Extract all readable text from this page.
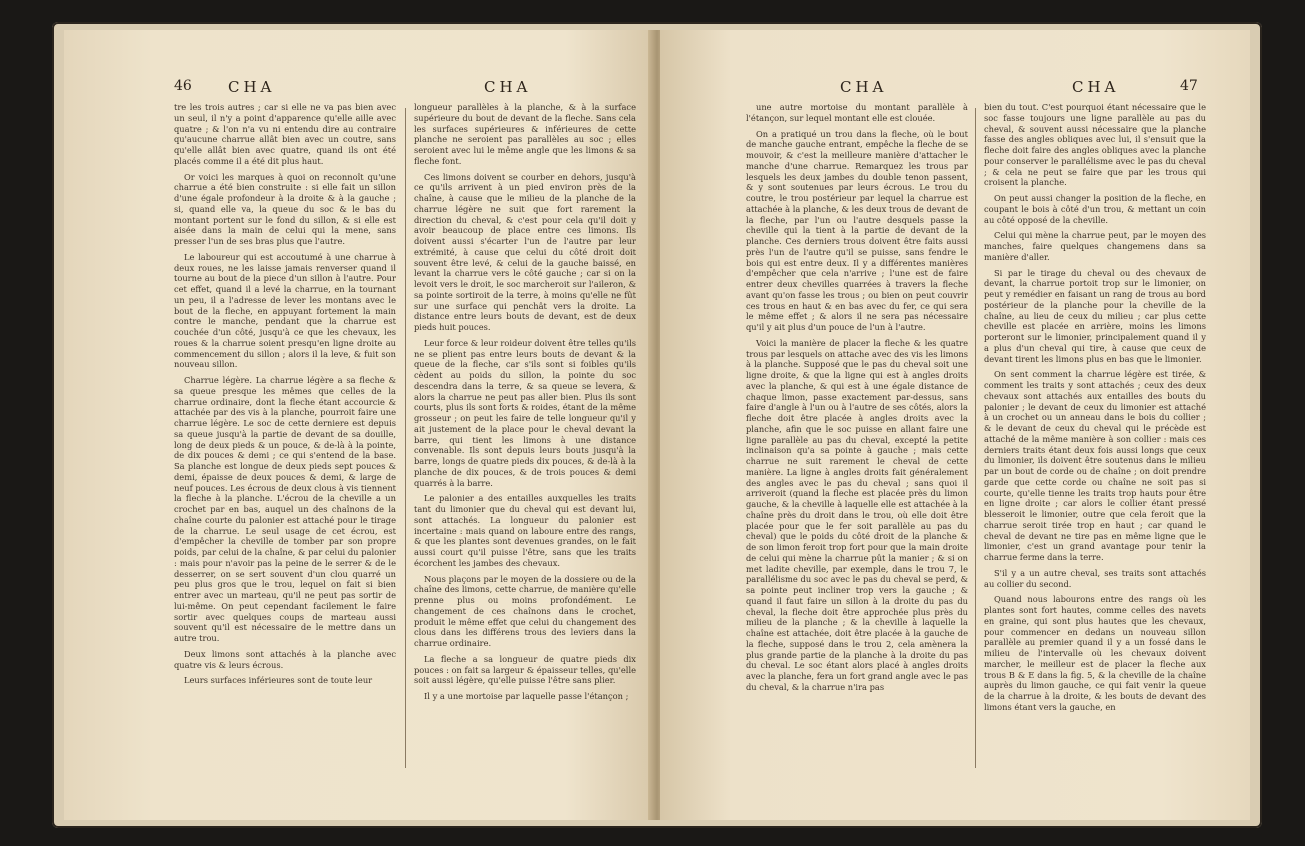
46 CHA	CHA

tre les trois autres ; car si elle ne va pas bien avec un seul, il n'y a point d'apparence qu'elle aille avec quatre ; & l'on n'a vu ni entendu dire au contraire qu'aucune charrue allât bien avec un coutre, sans qu'elle allât bien avec quatre, quand ils ont été placés comme il a été dit plus haut.

Or voici les marques à quoi on reconnoît qu'une charrue a été bien construite : si elle fait un sillon d'une égale profondeur à la droite & à la gauche ; si, quand elle va, la queue du soc & le bas du montant portent sur le fond du sillon, & si elle est aisée dans la main de celui qui la mene, sans presser l'un de ses bras plus que l'autre.

Le laboureur qui est accoutumé à une charrue à deux roues, ne les laisse jamais renverser quand il tourne au bout de la piece d'un sillon à l'autre. Pour cet effet, quand il a levé la charrue, en la tournant un peu, il a l'adresse de lever les montans avec le bout de la fleche, en appuyant fortement la main contre le manche, pendant que la charrue est couchée d'un côté, jusqu'à ce que les chevaux, les roues & la charrue soient presqu'en ligne droite au commencement du sillon ; alors il la leve, & fuit son nouveau sillon.

Charrue légère. La charrue légère a sa fleche & sa queue presque les mêmes que celles de la charrue ordinaire, dont la fleche étant accourcie & attachée par des vis à la planche, pourroit faire une charrue légère. Le soc de cette derniere est depuis sa queue jusqu'à la partie de devant de sa douille, long de deux pieds & un pouce, & de-là à la pointe, de dix pouces & demi ; ce qui s'entend de la base. Sa planche est longue de deux pieds sept pouces & demi, épaisse de deux pouces & demi, & large de neuf pouces. Les écrous de deux clous à vis tiennent la fleche à la planche. L'écrou de la cheville a un crochet par en bas, auquel un des chaînons de la chaîne courte du palonier est attaché pour le tirage de la charrue. Le seul usage de cet écrou, est d'empêcher la cheville de tomber par son propre poids, par celui de la chaîne, & par celui du palonier : mais pour n'avoir pas la peine de le serrer & de le desserrer, on se sert souvent d'un clou quarré un peu plus gros que le trou, lequel on fait si bien entrer avec un marteau, qu'il ne peut pas sortir de lui-même. On peut cependant facilement le faire sortir avec quelques coups de marteau aussi souvent qu'il est nécessaire de le mettre dans un autre trou.

Deux limons sont attachés à la planche avec quatre vis & leurs écrous.

Leurs surfaces inférieures sont de toute leur

longueur parallèles à la planche, & à la surface supérieure du bout de devant de la fleche. Sans cela les surfaces supérieures & inférieures de cette planche ne seroient pas parallèles au soc ; elles seroient avec lui le même angle que les limons & sa fleche font.

Ces limons doivent se courber en dehors, jusqu'à ce qu'ils arrivent à un pied environ près de la chaîne, à cause que le milieu de la planche de la charrue légère ne suit que fort rarement la direction du cheval, & c'est pour cela qu'il doit y avoir beaucoup de place entre ces limons. Ils doivent aussi s'écarter l'un de l'autre par leur extrémité, à cause que celui du côté droit doit souvent être levé, & celui de la gauche baissé, en levant la charrue vers le côté gauche ; car si on la levoit vers le droit, le soc marcheroit sur l'aileron, & sa pointe sortiroit de la terre, à moins qu'elle ne fût sur une surface qui penchât vers la droite. La distance entre leurs bouts de devant, est de deux pieds huit pouces.

Leur force & leur roideur doivent être telles qu'ils ne se plient pas entre leurs bouts de devant & la queue de la fleche, car s'ils sont si foibles qu'ils cèdent au poids du sillon, la pointe du soc descendra dans la terre, & sa queue se levera, & alors la charrue ne peut pas aller bien. Plus ils sont courts, plus ils sont forts & roides, étant de la même grosseur ; on peut les faire de telle longueur qu'il y ait justement de la place pour le cheval devant la barre, qui tient les limons à une distance convenable. Ils sont depuis leurs bouts jusqu'à la barre, longs de quatre pieds dix pouces, & de-là à la planche de dix pouces, & de trois pouces & demi quarrés à la barre.

Le palonier a des entailles auxquelles les traits tant du limonier que du cheval qui est devant lui, sont attachés. La longueur du palonier est incertaine : mais quand on laboure entre des rangs, & que les plantes sont devenues grandes, on le fait aussi court qu'il puisse l'être, sans que les traits écorchent les jambes des chevaux.

Nous plaçons par le moyen de la dossiere ou de la chaîne des limons, cette charrue, de manière qu'elle prenne plus ou moins profondément. Le changement de ces chaînons dans le crochet, produit le même effet que celui du changement des clous dans les différens trous des leviers dans la charrue ordinaire.

La fleche a sa longueur de quatre pieds dix pouces : on fait sa largeur & épaisseur telles, qu'elle soit aussi légère, qu'elle puisse l'être sans plier.

Il y a une mortoise par laquelle passe l'étançon ;

CHA	CHA	47

une autre mortoise du montant parallèle à l'étançon, sur lequel montant elle est clouée.

On a pratiqué un trou dans la fleche, où le bout de manche gauche entrant, empêche la fleche de se mouvoir, & c'est la meilleure manière d'attacher le manche d'une charrue. Remarquez les trous par lesquels les deux jambes du double tenon passent, & y sont soutenues par leurs écrous. Le trou du coutre, le trou postérieur par lequel la charrue est attachée à la planche, & les deux trous de devant de la fleche, par l'un ou l'autre desquels passe la cheville qui la tient à la partie de devant de la planche. Ces derniers trous doivent être faits aussi près l'un de l'autre qu'il se puisse, sans fendre le bois qui est entre deux. Il y a différentes manières d'empêcher que cela n'arrive ; l'une est de faire entrer deux chevilles quarrées à travers la fleche avant qu'on fasse les trous ; ou bien on peut couvrir ces trous en haut & en bas avec du fer, ce qui sera le même effet ; & alors il ne sera pas nécessaire qu'il y ait plus d'un pouce de l'un à l'autre.

Voici la manière de placer la fleche & les quatre trous par lesquels on attache avec des vis les limons à la planche. Supposé que le pas du cheval soit une ligne droite, & que la ligne qui est à angles droits avec la planche, & qui est à une égale distance de chaque limon, passe exactement par-dessus, sans faire d'angle à l'un ou à l'autre de ses côtés, alors la fleche doit être placée à angles droits avec la planche, afin que le soc puisse en allant faire une ligne parallèle au pas du cheval, excepté la petite inclinaison qu'a sa pointe à gauche ; mais cette charrue ne suit rarement le cheval de cette manière. La ligne à angles droits fait généralement des angles avec le pas du cheval ; sans quoi il arriveroit (quand la fleche est placée près du limon gauche, & la cheville à laquelle elle est attachée à la chaîne près du droit dans le trou, où elle doit être placée pour que le fer soit parallèle au pas du cheval) que le poids du côté droit de la planche & de son limon feroit trop fort pour que la main droite de celui qui mène la charrue pût la manier ; & si on met ladite cheville, par exemple, dans le trou 7, le parallélisme du soc avec le pas du cheval se perd, & sa pointe peut incliner trop vers la gauche ; & quand il faut faire un sillon à la droite du pas du cheval, la fleche doit être approchée plus près du milieu de la planche ; & la cheville à laquelle la chaîne est attachée, doit être placée à la gauche de la fleche, supposé dans le trou 2, cela amènera la plus grande partie de la planche à la droite du pas du cheval. Le soc étant alors placé à angles droits avec la planche, fera un fort grand angle avec le pas du cheval, & la charrue n'ira pas

bien du tout. C'est pourquoi étant nécessaire que le soc fasse toujours une ligne parallèle au pas du cheval, & souvent aussi nécessaire que la planche fasse des angles obliques avec lui, il s'ensuit que la fleche doit faire des angles obliques avec la planche pour conserver le parallélisme avec le pas du cheval ; & cela ne peut se faire que par les trous qui croisent la planche.

On peut aussi changer la position de la fleche, en coupant le bois à côté d'un trou, & mettant un coin au côté opposé de la cheville.

Celui qui mène la charrue peut, par le moyen des manches, faire quelques changemens dans sa manière d'aller.

Si par le tirage du cheval ou des chevaux de devant, la charrue portoit trop sur le limonier, on peut y remédier en faisant un rang de trous au bord postérieur de la planche pour la cheville de la chaîne, au lieu de ceux du milieu ; car plus cette cheville est placée en arrière, moins les limons porteront sur le limonier, principalement quand il y a plus d'un cheval qui tire, à cause que ceux de devant tirent les limons plus en bas que le limonier.

On sent comment la charrue légère est tirée, & comment les traits y sont attachés ; ceux des deux chevaux sont attachés aux entailles des bouts du palonier ; le devant de ceux du limonier est attaché à un crochet ou un anneau dans le bois du collier ; & le devant de ceux du cheval qui le précède est attaché de la même manière à son collier : mais ces derniers traits étant deux fois aussi longs que ceux du limonier, ils doivent être soutenus dans le milieu par un bout de corde ou de chaîne ; on doit prendre garde que cette corde ou chaîne ne soit pas si courte, qu'elle tienne les traits trop hauts pour être en ligne droite ; car alors le collier étant pressé blesseroit le limonier, outre que cela feroit que la charrue seroit tirée trop en haut ; car quand le cheval de devant ne tire pas en même ligne que le limonier, c'est un grand avantage pour tenir la charrue ferme dans la terre.

S'il y a un autre cheval, ses traits sont attachés au collier du second.

Quand nous labourons entre des rangs où les plantes sont fort hautes, comme celles des navets en graine, qui sont plus hautes que les chevaux, pour commencer en dedans un nouveau sillon parallèle au premier quand il y a un fossé dans le milieu de l'intervalle où les chevaux doivent marcher, le meilleur est de placer la fleche aux trous B & E dans la fig. 5, & la cheville de la chaîne auprès du limon gauche, ce qui fait venir la queue de la charrue à la droite, & les bouts de devant des limons étant vers la gauche, en
